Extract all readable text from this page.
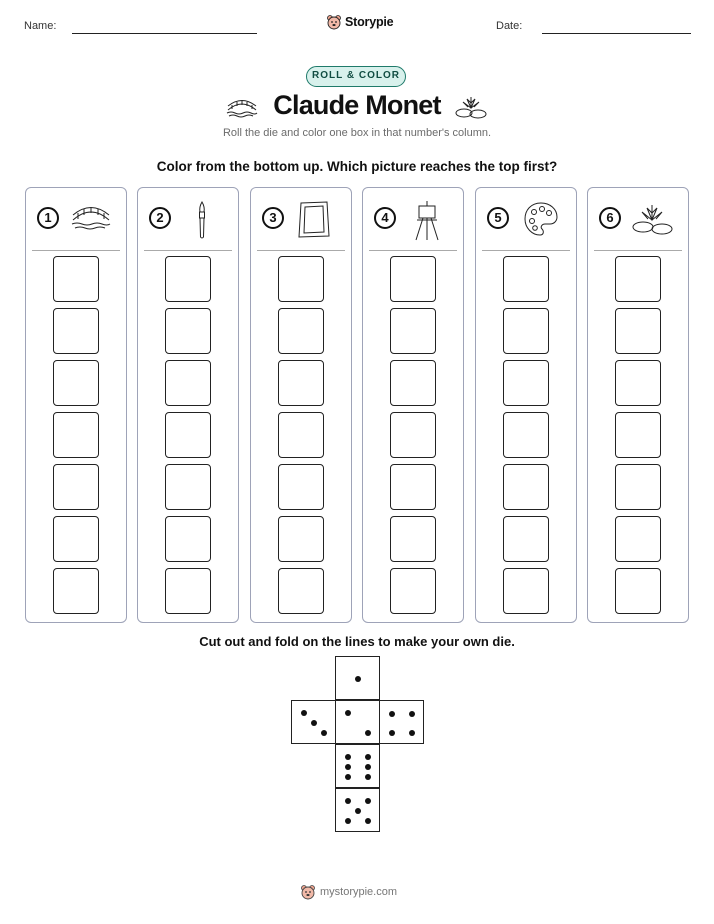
Name:	Storypie	Date:
ROLL & COLOR
Claude Monet
Roll the die and color one box in that number's column.
Color from the bottom up. Which picture reaches the top first?
1	2	3	4	5	6
Cut out and fold on the lines to make your own die.
mystorypie.com
